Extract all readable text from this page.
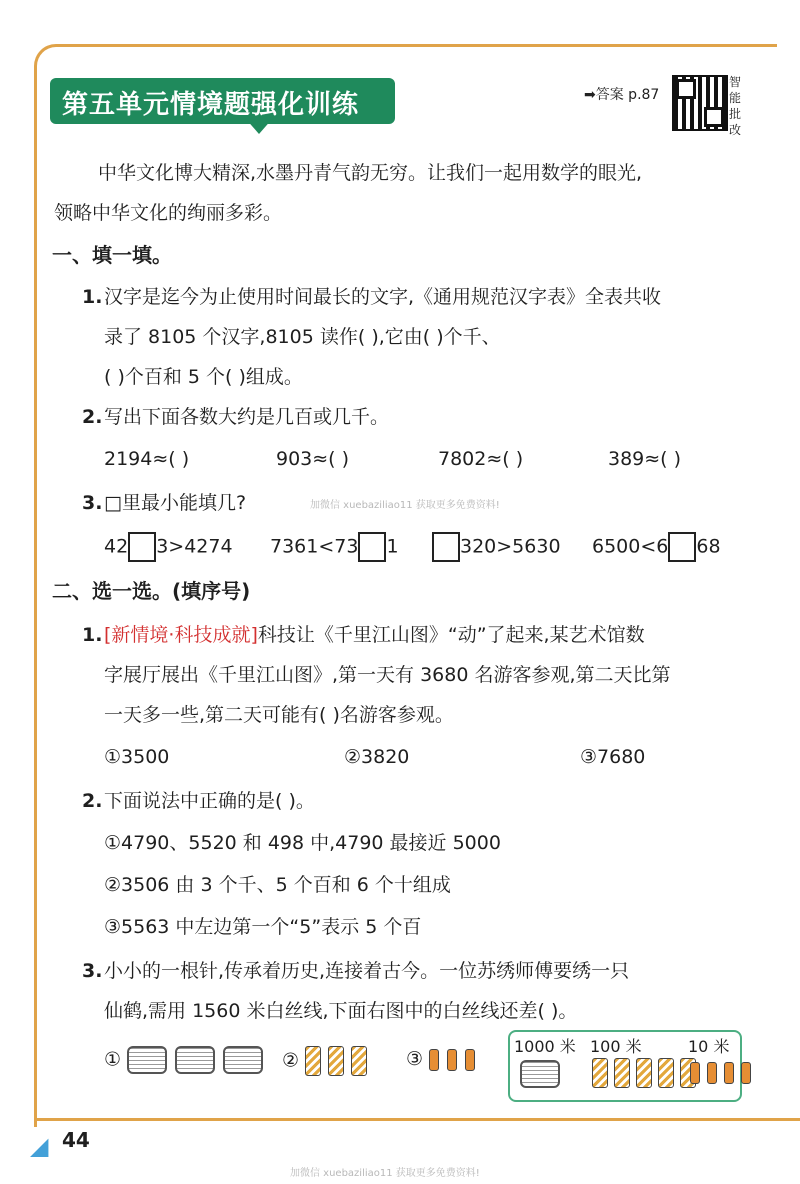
第五单元情境题强化训练	➡答案 p.87
智能批改
中华文化博大精深,水墨丹青气韵无穷。让我们一起用数学的眼光,
领略中华文化的绚丽多彩。
一、填一填。
1. 汉字是迄今为止使用时间最长的文字,《通用规范汉字表》全表共收
录了 8105 个汉字,8105 读作( ),它由( )个千、
( )个百和 5 个( )组成。
2. 写出下面各数大约是几百或几千。
2194≈( )	903≈( )	7802≈( )	389≈( )
3. □里最小能填几?	加微信 xuebaziliao11 获取更多免费资料!
42 3>4274 7361<73 1	320>5630 6500<6 68
二、选一选。(填序号)
1. [新情境·科技成就]科技让《千里江山图》“动”了起来,某艺术馆数
字展厅展出《千里江山图》,第一天有 3680 名游客参观,第二天比第
一天多一些,第二天可能有( )名游客参观。
①3500	②3820	③7680
2. 下面说法中正确的是( )。
①4790、5520 和 498 中,4790 最接近 5000
②3506 由 3 个千、5 个百和 6 个十组成
③5563 中左边第一个“5”表示 5 个百
3. 小小的一根针,传承着历史,连接着古今。一位苏绣师傅要绣一只
仙鹤,需用 1560 米白丝线,下面右图中的白丝线还差( )。
①	②	③
1000 米 100 米	10 米

◢ 44
加微信 xuebaziliao11 获取更多免费资料!
